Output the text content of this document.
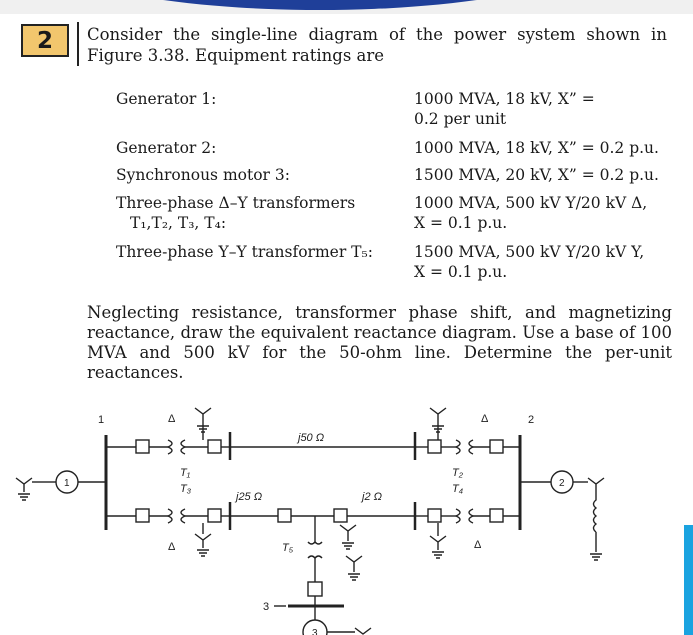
2 Consider the single-line diagram of the power system shown in
Figure 3.38. Equipment ratings are
Generator 1:	1000 MVA, 18 kV, X” =
0.2 per unit
Generator 2:	1000 MVA, 18 kV, X” = 0.2 p.u.
Synchronous motor 3:	1500 MVA, 20 kV, X” = 0.2 p.u.
Three-phase Δ–Y transformers
T₁,T₂, T₃, T₄:
1000 MVA, 500 kV Y/20 kV Δ,
X = 0.1 p.u.
Three-phase Y–Y transformer T₅:	1500 MVA, 500 kV Y/20 kV Y,
X = 0.1 p.u.
Neglecting resistance, transformer phase shift, and magnetizing reactance, draw the equivalent reactance diagram. Use a base of 100 MVA and 500 kV for the 50-ohm line. Determine the per-unit reactances.
1
1
j50 Ω
T₁
T₃
T₂
T₄
Δ	Δ
j25 Ω	j2 Ω
Δ	Δ
2
2
T₅
3
3
